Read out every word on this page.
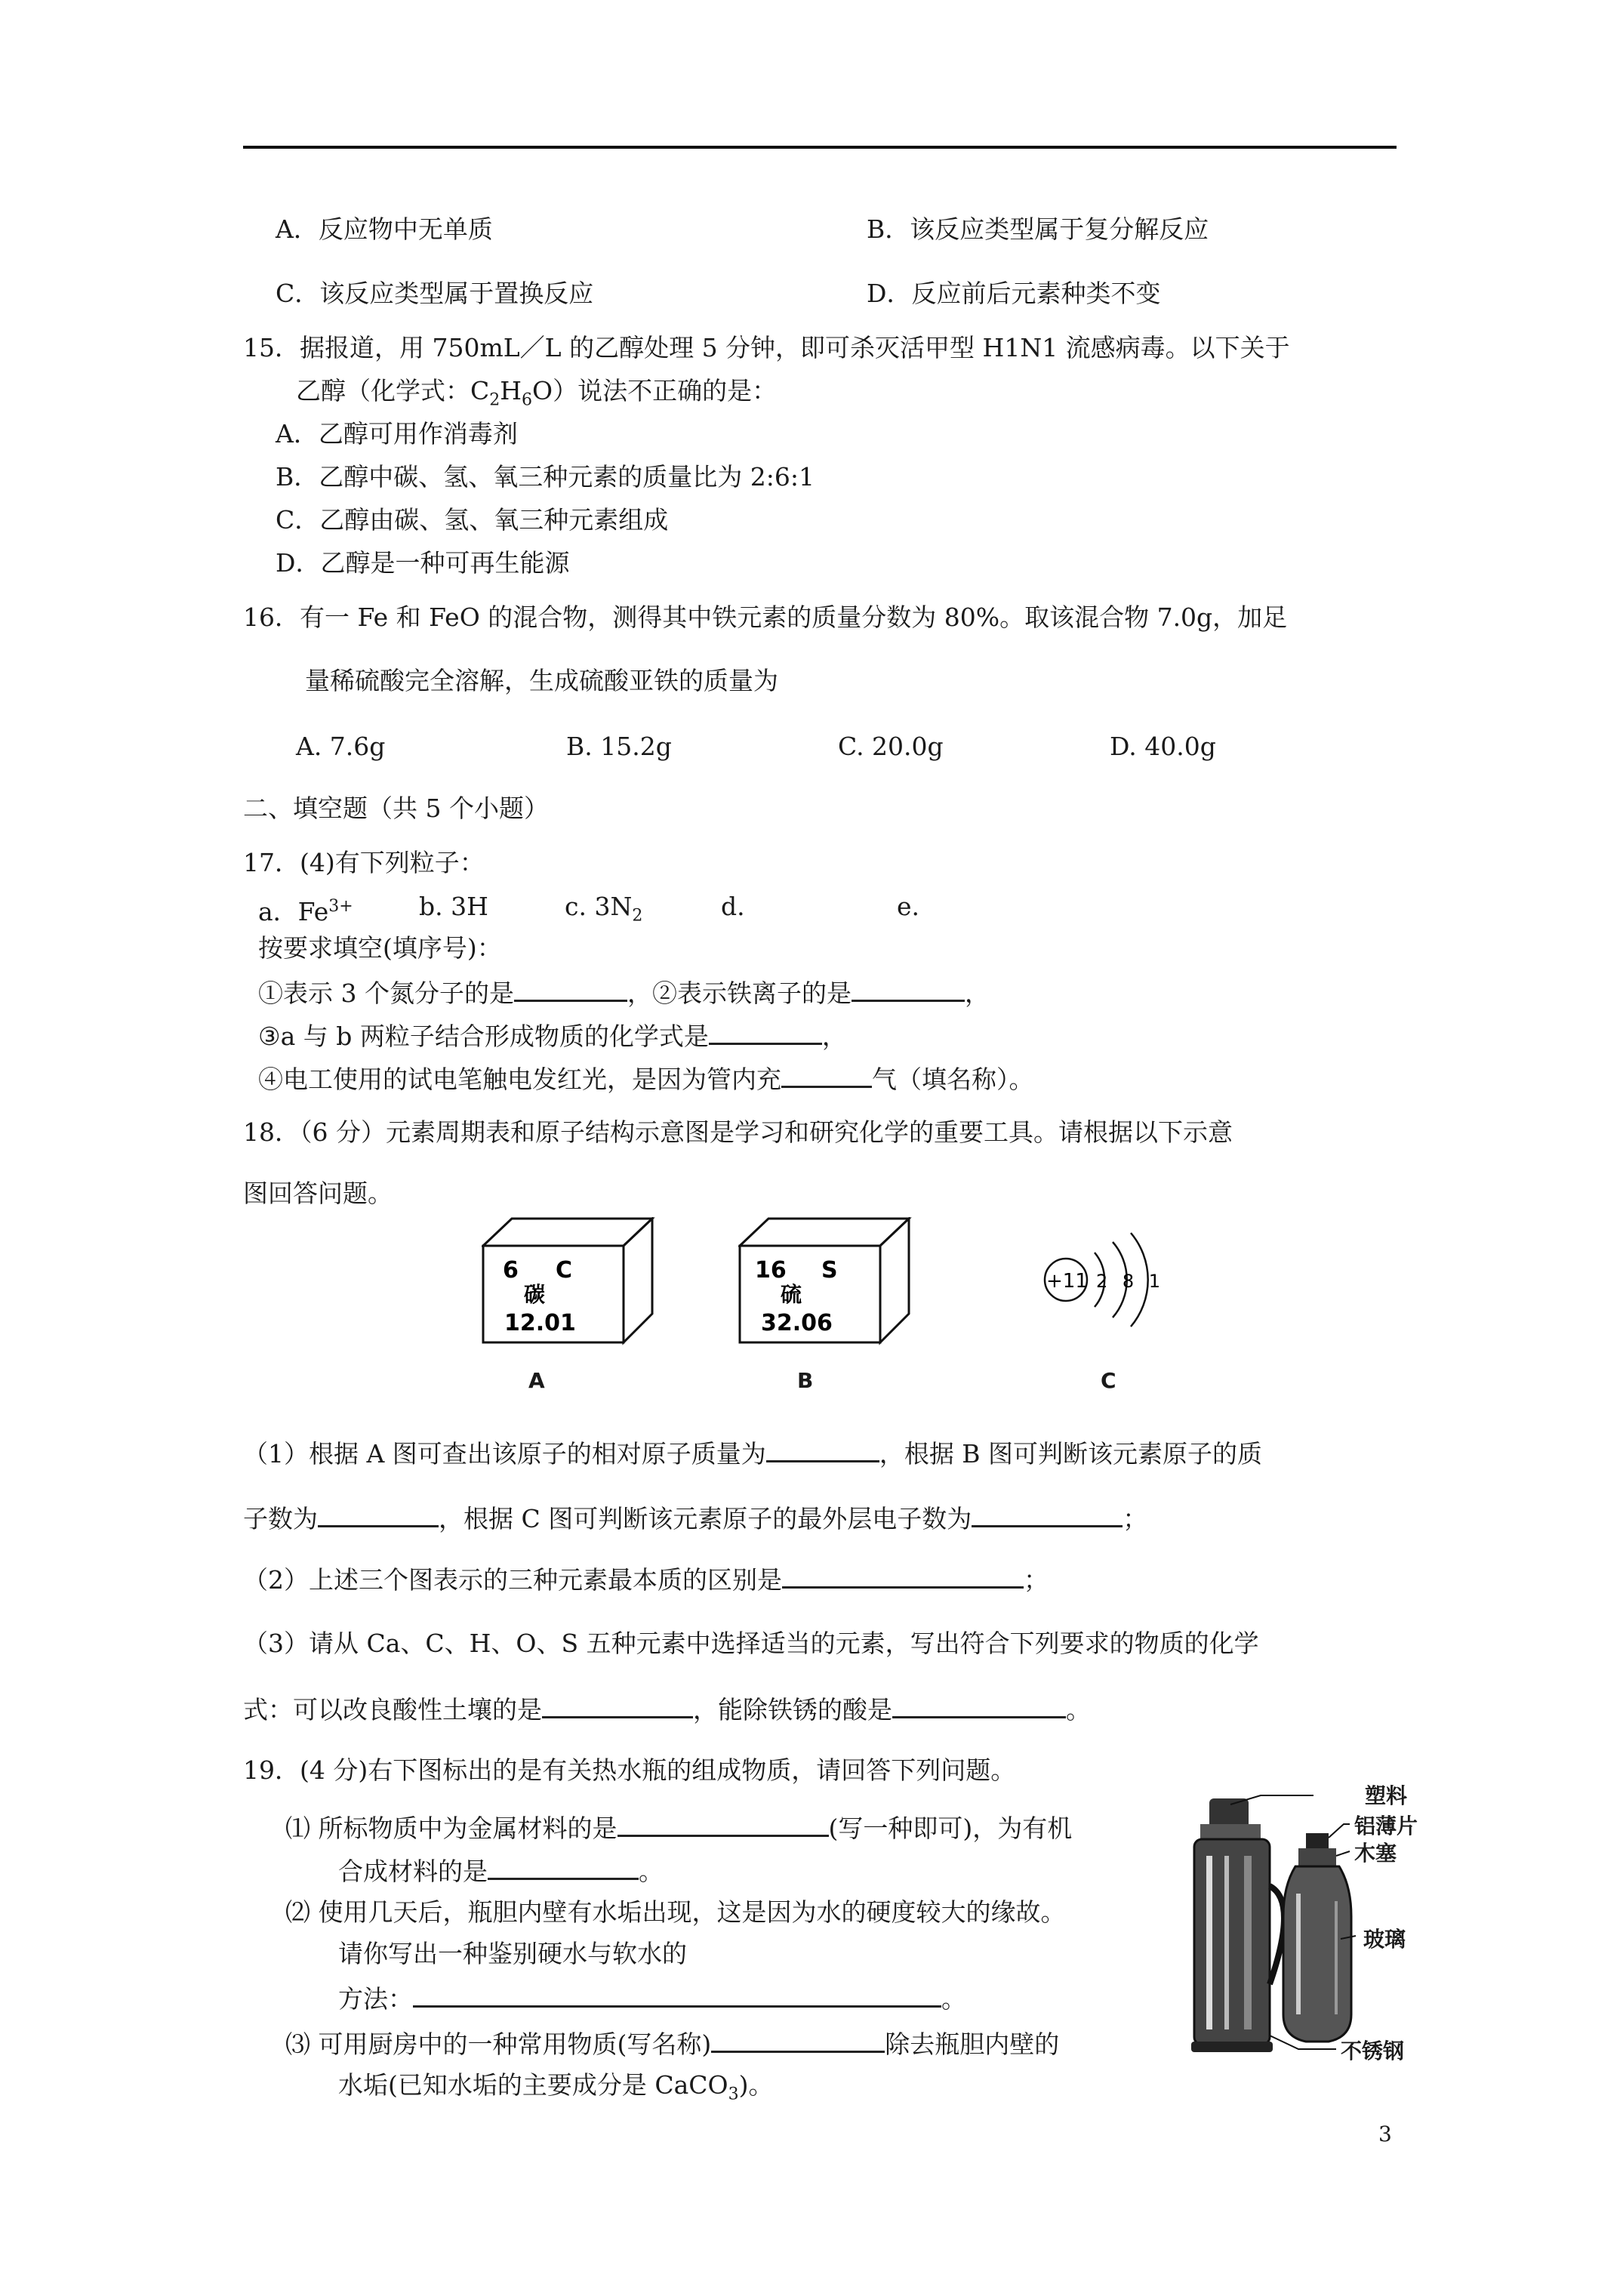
A．反应物中无单质	B．该反应类型属于复分解反应
C．该反应类型属于置换反应	D．反应前后元素种类不变
15．据报道，用 750mL／L 的乙醇处理 5 分钟，即可杀灭活甲型 H1N1 流感病毒。以下关于
乙醇（化学式：$C_2H_6O$）说法不正确的是：
A．乙醇可用作消毒剂
B．乙醇中碳、氢、氧三种元素的质量比为 2:6:1
C．乙醇由碳、氢、氧三种元素组成
D．乙醇是一种可再生能源
16．有一 Fe 和 FeO 的混合物，测得其中铁元素的质量分数为 80%。取该混合物 7.0g，加足
量稀硫酸完全溶解，生成硫酸亚铁的质量为
A. 7.6g	B. 15.2g	C. 20.0g	D. 40.0g
二、填空题（共 5 个小题）
17．(4)有下列粒子：
a．$Fe^{3+}$	b. 3H	c. $3N_2$	d.	e.
按要求填空(填序号)：
①表示 3 个氮分子的是	，②表示铁离子的是	，
③a 与 b 两粒子结合形成物质的化学式是	，
④电工使用的试电笔触电发红光，是因为管内充	气（填名称）。
18．（6 分）元素周期表和原子结构示意图是学习和研究化学的重要工具。请根据以下示意
图回答问题。
6 C
碳
12.01
A
16 S
硫
32.06
B
+11 2 8 1
C
（1）根据 A 图可查出该原子的相对原子质量为	，根据 B 图可判断该元素原子的质
子数为	，根据 C 图可判断该元素原子的最外层电子数为	；
（2）上述三个图表示的三种元素最本质的区别是	；
（3）请从 Ca、C、H、O、S 五种元素中选择适当的元素，写出符合下列要求的物质的化学
式：可以改良酸性土壤的是	，能除铁锈的酸是	。
19．(4 分)右下图标出的是有关热水瓶的组成物质，请回答下列问题。
⑴ 所标物质中为金属材料的是	(写一种即可)，为有机
合成材料的是	。
⑵ 使用几天后，瓶胆内壁有水垢出现，这是因为水的硬度较大的缘故。
请你写出一种鉴别硬水与软水的
方法：	。
⑶ 可用厨房中的一种常用物质(写名称)	除去瓶胆内壁的
水垢(已知水垢的主要成分是 CaCO$_3$)。
塑料
铝薄片
木塞
玻璃
不锈钢
3
